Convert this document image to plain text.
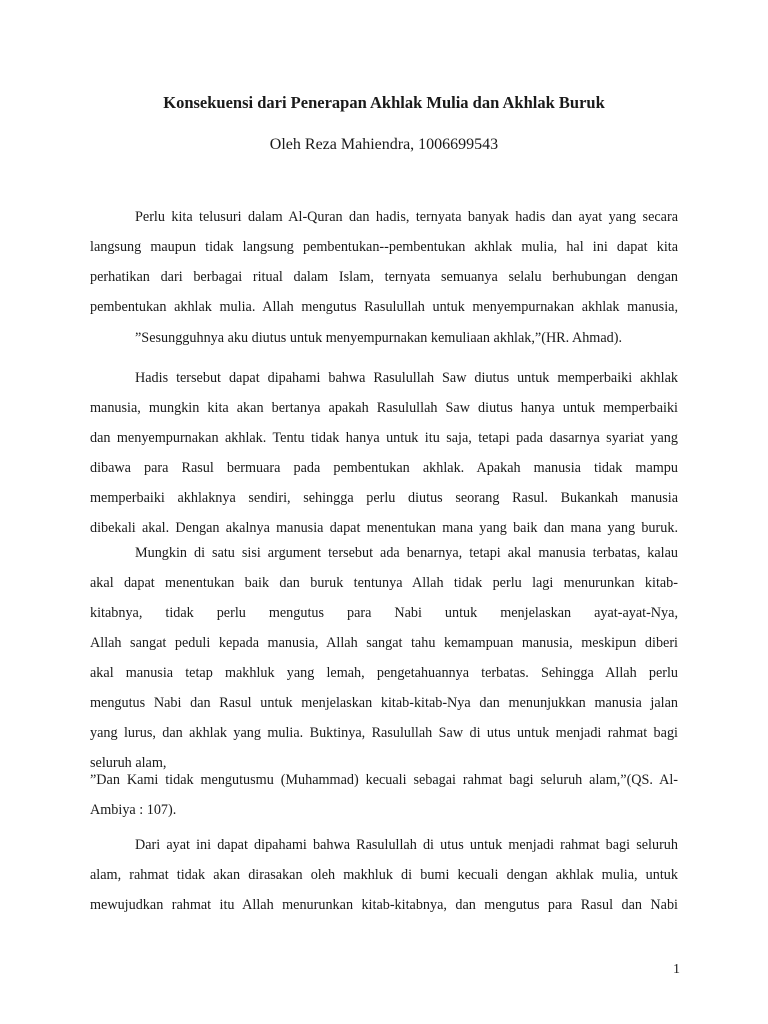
Konsekuensi dari Penerapan Akhlak Mulia dan Akhlak Buruk
Oleh Reza Mahiendra, 1006699543
Perlu kita telusuri dalam Al-Quran dan hadis, ternyata banyak hadis dan ayat yang secara
langsung maupun tidak langsung pembentukan--pembentukan akhlak mulia, hal ini dapat kita
perhatikan dari berbagai ritual dalam Islam, ternyata semuanya selalu berhubungan dengan
pembentukan akhlak mulia. Allah mengutus Rasulullah untuk menyempurnakan akhlak manusia,
”Sesungguhnya aku diutus untuk menyempurnakan kemuliaan akhlak,”(HR. Ahmad).
Hadis tersebut dapat dipahami bahwa Rasulullah Saw diutus untuk memperbaiki akhlak
manusia, mungkin kita akan bertanya apakah Rasulullah Saw diutus hanya untuk memperbaiki
dan menyempurnakan akhlak. Tentu tidak hanya untuk itu saja, tetapi pada dasarnya syariat yang
dibawa para Rasul bermuara pada pembentukan akhlak. Apakah manusia tidak mampu
memperbaiki akhlaknya sendiri, sehingga perlu diutus seorang Rasul. Bukankah manusia
dibekali akal. Dengan akalnya manusia dapat menentukan mana yang baik dan mana yang buruk.
Mungkin di satu sisi argument tersebut ada benarnya, tetapi akal manusia terbatas, kalau
akal dapat menentukan baik dan buruk tentunya Allah tidak perlu lagi menurunkan kitab-
kitabnya, tidak perlu mengutus para Nabi untuk menjelaskan ayat-ayat-Nya,
Allah sangat peduli kepada manusia, Allah sangat tahu kemampuan manusia, meskipun diberi
akal manusia tetap makhluk yang lemah, pengetahuannya terbatas. Sehingga Allah perlu
mengutus Nabi dan Rasul untuk menjelaskan kitab-kitab-Nya dan menunjukkan manusia jalan
yang lurus, dan akhlak yang mulia. Buktinya, Rasulullah Saw di utus untuk menjadi rahmat bagi
seluruh alam,
”Dan Kami tidak mengutusmu (Muhammad) kecuali sebagai rahmat bagi seluruh alam,”(QS. Al-
Ambiya : 107).
Dari ayat ini dapat dipahami bahwa Rasulullah di utus untuk menjadi rahmat bagi seluruh
alam, rahmat tidak akan dirasakan oleh makhluk di bumi kecuali dengan akhlak mulia, untuk
mewujudkan rahmat itu Allah menurunkan kitab-kitabnya, dan mengutus para Rasul dan Nabi
1
